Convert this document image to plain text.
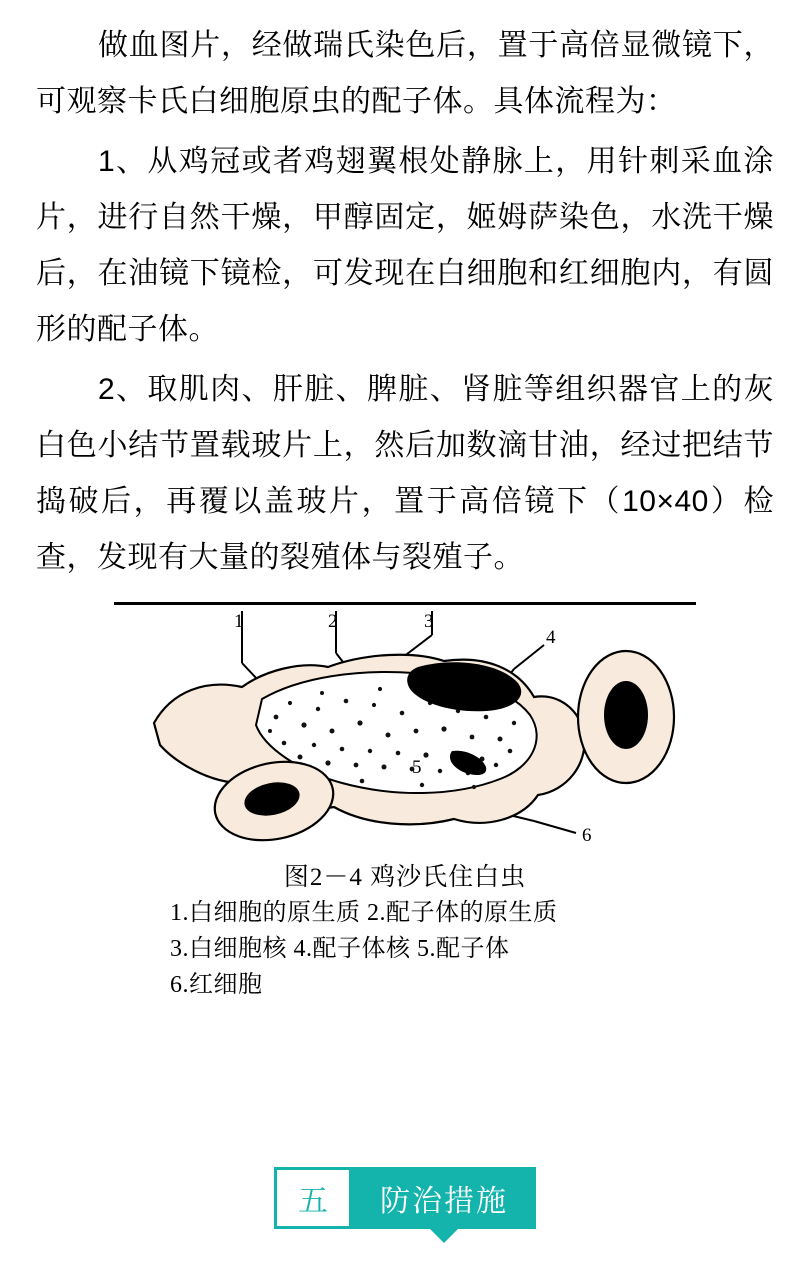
做血图片，经做瑞氏染色后，置于高倍显微镜下，可观察卡氏白细胞原虫的配子体。具体流程为：

1、从鸡冠或者鸡翅翼根处静脉上，用针刺采血涂片，进行自然干燥，甲醇固定，姬姆萨染色，水洗干燥后，在油镜下镜检，可发现在白细胞和红细胞内，有圆形的配子体。

2、取肌肉、肝脏、脾脏、肾脏等组织器官上的灰白色小结节置载玻片上，然后加数滴甘油，经过把结节捣破后，再覆以盖玻片，置于高倍镜下（10×40）检查，发现有大量的裂殖体与裂殖子。

1	2	3
4
5
6
图2－4 鸡沙氏住白虫
1.白细胞的原生质 2.配子体的原生质
3.白细胞核 4.配子体核 5.配子体
6.红细胞
五	防治措施
